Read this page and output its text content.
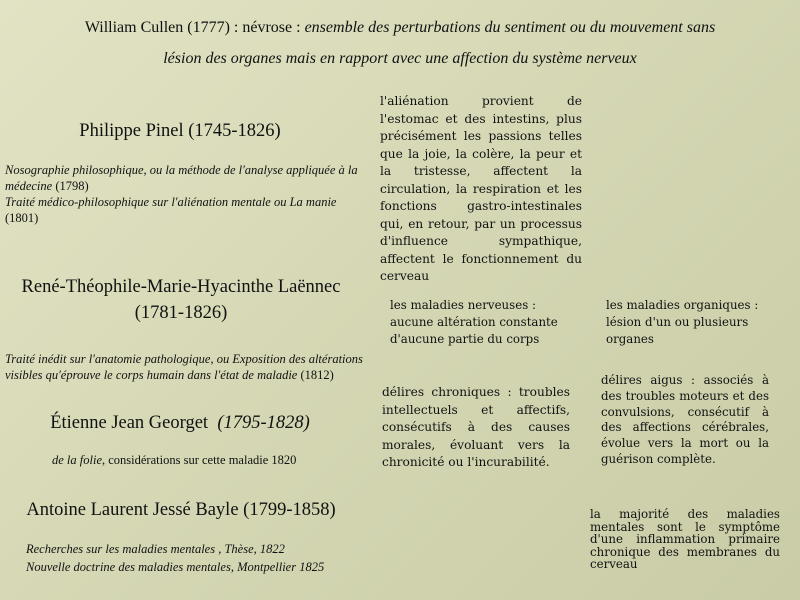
William Cullen (1777) : névrose : ensemble des perturbations du sentiment ou du mouvement sans
lésion des organes mais en rapport avec une affection du système nerveux
Philippe Pinel (1745-1826)
Nosographie philosophique, ou la méthode de l'analyse appliquée à la médecine (1798)
Traité médico-philosophique sur l'aliénation mentale ou La manie (1801)
l'aliénation provient de l'estomac et des intestins, plus précisément les passions telles que la joie, la colère, la peur et la tristesse, affectent la circulation, la respiration et les fonctions gastro-intestinales qui, en retour, par un processus d'influence sympathique, affectent le fonctionnement du cerveau
René-Théophile-Marie-Hyacinthe Laënnec
(1781-1826)
Traité inédit sur l'anatomie pathologique, ou Exposition des altérations visibles qu'éprouve le corps humain dans l'état de maladie (1812)
les maladies nerveuses : aucune altération constante d'aucune partie du corps
les maladies organiques : lésion d'un ou plusieurs organes
Étienne Jean Georget (1795-1828)
de la folie, considérations sur cette maladie 1820
délires chroniques : troubles intellectuels et affectifs, consécutifs à des causes morales, évoluant vers la chronicité ou l'incurabilité.
délires aigus : associés à des troubles moteurs et des convulsions, consécutif à des affections cérébrales, évolue vers la mort ou la guérison complète.
Antoine Laurent Jessé Bayle (1799-1858)
Recherches sur les maladies mentales , Thèse, 1822
Nouvelle doctrine des maladies mentales, Montpellier 1825
la majorité des maladies mentales sont le symptôme d'une inflammation primaire chronique des membranes du cerveau
